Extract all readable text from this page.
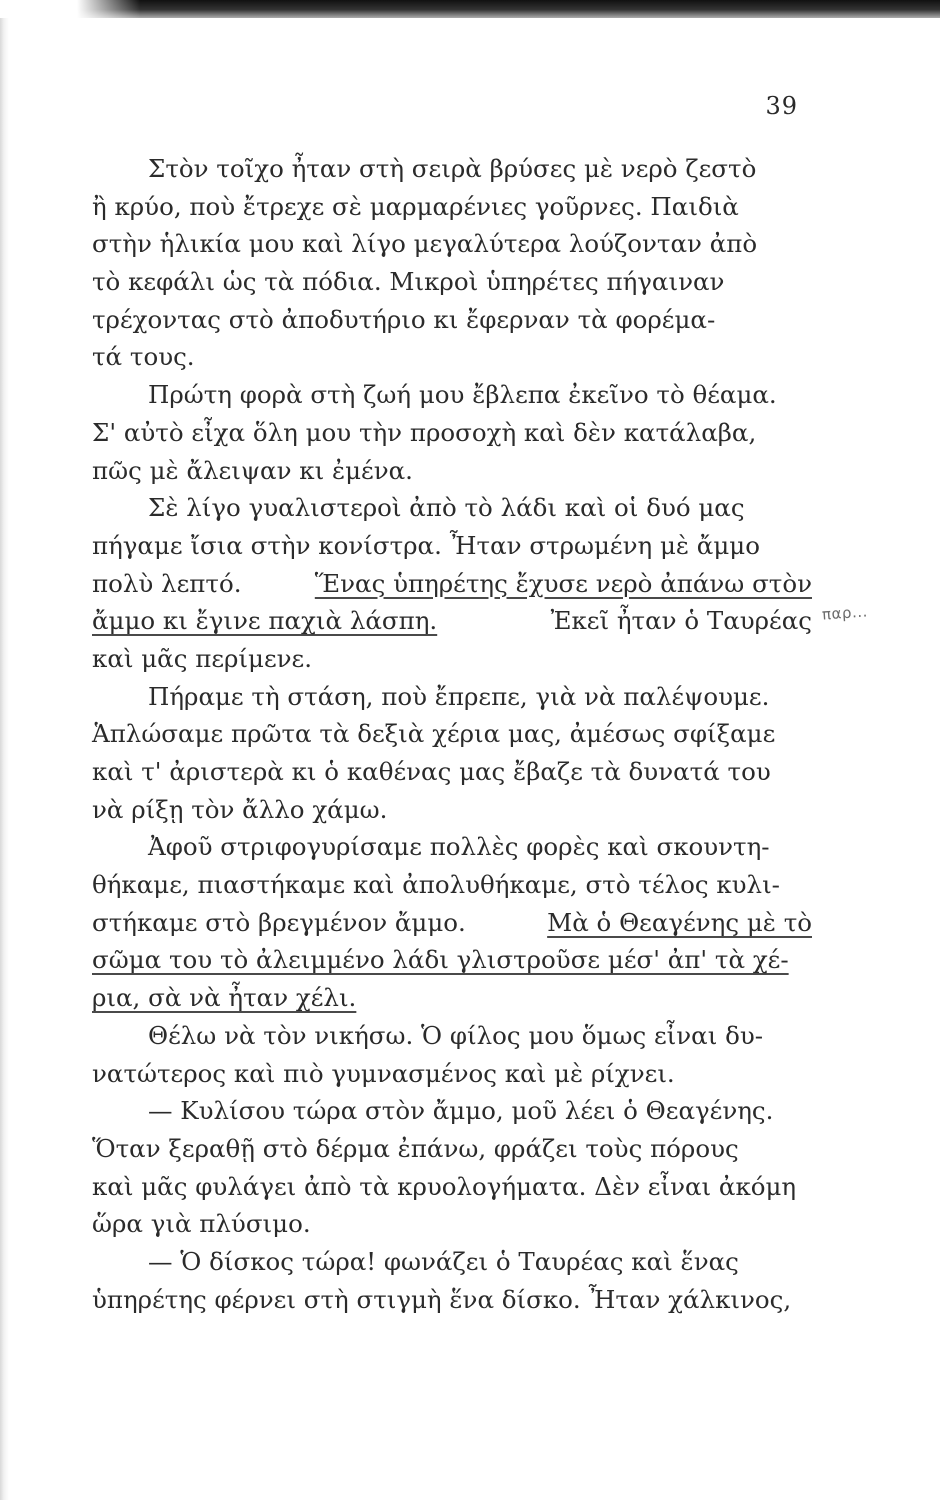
39
Στὸν τοῖχο ἦταν στὴ σειρὰ βρύσες μὲ νερὸ ζεστὸ
ἢ κρύο, ποὺ ἔτρεχε σὲ μαρμαρένιες γοῦρνες. Παιδιὰ
στὴν ἡλικία μου καὶ λίγο μεγαλύτερα λούζονταν ἀπὸ
τὸ κεφάλι ὡς τὰ πόδια. Μικροὶ ὑπηρέτες πήγαιναν
τρέχοντας στὸ ἀποδυτήριο κι ἔφερναν τὰ φορέμα-
τά τους.
Πρώτη φορὰ στὴ ζωή μου ἔβλεπα ἐκεῖνο τὸ θέαμα.
Σ' αὐτὸ εἶχα ὅλη μου τὴν προσοχὴ καὶ δὲν κατάλαβα,
πῶς μὲ ἄλειψαν κι ἐμένα.
Σὲ λίγο γυαλιστεροὶ ἀπὸ τὸ λάδι καὶ οἱ δυό μας
πήγαμε ἴσια στὴν κονίστρα. Ἦταν στρωμένη μὲ ἄμμο
πολὺ λεπτό.	Ἕνας ὑπηρέτης ἔχυσε νερὸ ἀπάνω στὸν
ἄμμο κι ἔγινε παχιὰ λάσπη.	Ἐκεῖ ἦταν ὁ Ταυρέας
καὶ μᾶς περίμενε.
Πήραμε τὴ στάση, ποὺ ἔπρεπε, γιὰ νὰ παλέψουμε.
Ἁπλώσαμε πρῶτα τὰ δεξιὰ χέρια μας, ἀμέσως σφίξαμε
καὶ τ' ἀριστερὰ κι ὁ καθένας μας ἔβαζε τὰ δυνατά του
νὰ ρίξῃ τὸν ἄλλο χάμω.
Ἀφοῦ στριφογυρίσαμε πολλὲς φορὲς καὶ σκουντη-
θήκαμε, πιαστήκαμε καὶ ἀπολυθήκαμε, στὸ τέλος κυλι-
στήκαμε στὸ βρεγμένον ἄμμο.	Μὰ ὁ Θεαγένης μὲ τὸ
σῶμα του τὸ ἀλειμμένο λάδι γλιστροῦσε μέσ' ἀπ' τὰ χέ-
ρια, σὰ νὰ ἦταν χέλι.
Θέλω νὰ τὸν νικήσω. Ὁ φίλος μου ὅμως εἶναι δυ-
νατώτερος καὶ πιὸ γυμνασμένος καὶ μὲ ρίχνει.
— Κυλίσου τώρα στὸν ἄμμο, μοῦ λέει ὁ Θεαγένης.
Ὅταν ξεραθῇ στὸ δέρμα ἐπάνω, φράζει τοὺς πόρους
καὶ μᾶς φυλάγει ἀπὸ τὰ κρυολογήματα. Δὲν εἶναι ἀκόμη
ὥρα γιὰ πλύσιμο.
— Ὁ δίσκος τώρα! φωνάζει ὁ Ταυρέας καὶ ἕνας
ὑπηρέτης φέρνει στὴ στιγμὴ ἕνα δίσκο. Ἦταν χάλκινος,
παρ...
